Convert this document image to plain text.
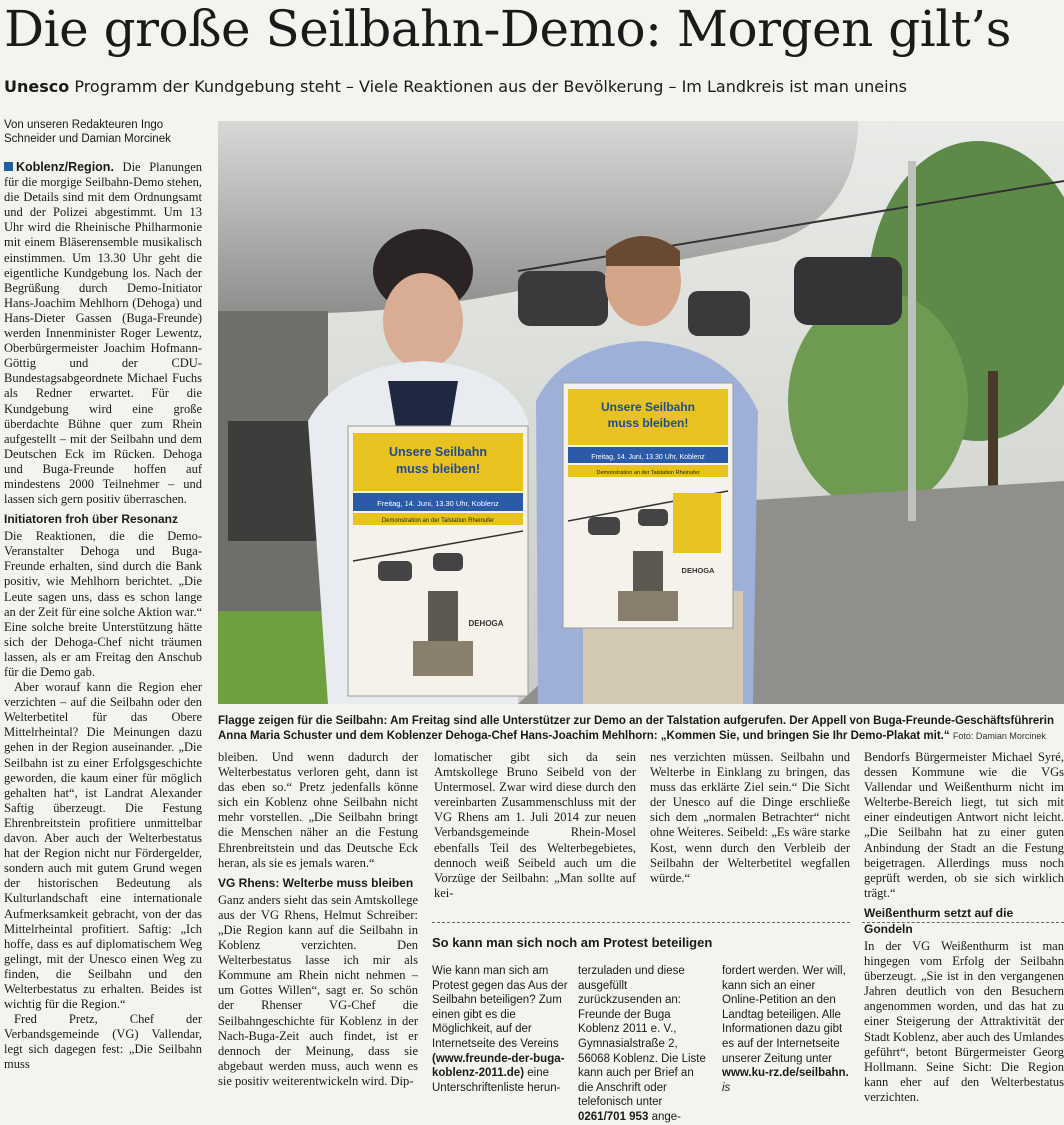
Die große Seilbahn-Demo: Morgen gilt’s
Unesco Programm der Kundgebung steht – Viele Reaktionen aus der Bevölkerung – Im Landkreis ist man uneins
Von unseren Redakteuren Ingo
Schneider und Damian Morcinek

Koblenz/Region. Die Planungen für die morgige Seilbahn-Demo stehen, die Details sind mit dem Ordnungsamt und der Polizei abgestimmt. Um 13 Uhr wird die Rheinische Philharmonie mit einem Bläserensemble musikalisch einstimmen. Um 13.30 Uhr geht die eigentliche Kundgebung los. Nach der Begrüßung durch Demo-Initiator Hans-Joachim Mehlhorn (Dehoga) und Hans-Dieter Gassen (Buga-Freunde) werden Innenminister Roger Lewentz, Oberbürgermeister Joachim Hofmann-Göttig und der CDU-Bundestagsabgeordnete Michael Fuchs als Redner erwartet. Für die Kundgebung wird eine große überdachte Bühne quer zum Rhein aufgestellt – mit der Seilbahn und dem Deutschen Eck im Rücken. Dehoga und Buga-Freunde hoffen auf mindestens 2000 Teilnehmer – und lassen sich gern positiv überraschen.

Initiatoren froh über Resonanz

Die Reaktionen, die die Demo-Veranstalter Dehoga und Buga-Freunde erhalten, sind durch die Bank positiv, wie Mehlhorn berichtet. „Die Leute sagen uns, dass es schon lange an der Zeit für eine solche Aktion war.“ Eine solche breite Unterstützung hätte sich der Dehoga-Chef nicht träumen lassen, als er am Freitag den Anschub für die Demo gab.

Aber worauf kann die Region eher verzichten – auf die Seilbahn oder den Welterbetitel für das Obere Mittelrheintal? Die Meinungen dazu gehen in der Region auseinander. „Die Seilbahn ist zu einer Erfolgsgeschichte geworden, die kaum einer für möglich gehalten hat“, ist Landrat Alexander Saftig überzeugt. Die Festung Ehrenbreitstein profitiere unmittelbar davon. Aber auch der Welterbestatus hat der Region nicht nur Fördergelder, sondern auch mit gutem Grund wegen der historischen Bedeutung als Kulturlandschaft eine internationale Aufmerksamkeit gebracht, von der das Mittelrheintal profitiert. Saftig: „Ich hoffe, dass es auf diplomatischem Weg gelingt, mit der Unesco einen Weg zu finden, die Seilbahn und den Welterbestatus zu erhalten. Beides ist wichtig für die Region.“

Fred Pretz, Chef der Verbandsgemeinde (VG) Vallendar, legt sich dagegen fest: „Die Seilbahn muss

Unsere Seilbahn
muss bleiben!
Freitag, 14. Juni, 13.30 Uhr, Koblenz
Demonstration an der Talstation Rheinufer
DEHOGA
Unsere Seilbahn
muss bleiben!
Freitag, 14. Juni, 13.30 Uhr, Koblenz
Demonstration an der Talstation Rheinufer
DEHOGA
Flagge zeigen für die Seilbahn: Am Freitag sind alle Unterstützer zur Demo an der Talstation aufgerufen. Der Appell von Buga-Freunde-Geschäftsführerin Anna Maria Schuster und dem Koblenzer Dehoga-Chef Hans-Joachim Mehlhorn: „Kommen Sie, und bringen Sie Ihr Demo-Plakat mit.“ Foto: Damian Morcinek

bleiben. Und wenn dadurch der Welterbestatus verloren geht, dann ist das eben so.“ Pretz jedenfalls könne sich ein Koblenz ohne Seilbahn nicht mehr vorstellen. „Die Seilbahn bringt die Menschen näher an die Festung Ehrenbreitstein und das Deutsche Eck heran, als sie es jemals waren.“

VG Rhens: Welterbe muss bleiben

Ganz anders sieht das sein Amtskollege aus der VG Rhens, Helmut Schreiber: „Die Region kann auf die Seilbahn in Koblenz verzichten. Den Welterbestatus lasse ich mir als Kommune am Rhein nicht nehmen – um Gottes Willen“, sagt er. So schön der Rhenser VG-Chef die Seilbahngeschichte für Koblenz in der Nach-Buga-Zeit auch findet, ist er dennoch der Meinung, dass sie abgebaut werden muss, auch wenn es sie positiv weiterentwickeln wird. Dip-

lomatischer gibt sich da sein Amtskollege Bruno Seibeld von der Untermosel. Zwar wird diese durch den vereinbarten Zusammenschluss mit der VG Rhens am 1. Juli 2014 zur neuen Verbandsgemeinde Rhein-Mosel ebenfalls Teil des Welterbegebietes, dennoch weiß Seibeld auch um die Vorzüge der Seilbahn: „Man sollte auf kei-

nes verzichten müssen. Seilbahn und Welterbe in Einklang zu bringen, das muss das erklärte Ziel sein.“ Die Sicht der Unesco auf die Dinge erschließe sich dem „normalen Betrachter“ nicht ohne Weiteres. Seibeld: „Es wäre starke Kost, wenn durch den Verbleib der Seilbahn der Welterbetitel wegfallen würde.“

Bendorfs Bürgermeister Michael Syré, dessen Kommune wie die VGs Vallendar und Weißenthurm nicht im Welterbe-Bereich liegt, tut sich mit einer eindeutigen Antwort nicht leicht. „Die Seilbahn hat zu einer guten Anbindung der Stadt an die Festung beigetragen. Allerdings muss noch geprüft werden, ob sie sich wirklich trägt.“

Weißenthurm setzt auf die Gondeln

In der VG Weißenthurm ist man hingegen vom Erfolg der Seilbahn überzeugt. „Sie ist in den vergangenen Jahren deutlich von den Besuchern angenommen worden, und das hat zu einer Steigerung der Attraktivität der Stadt Koblenz, aber auch des Umlandes geführt“, betont Bürgermeister Georg Hollmann. Seine Sicht: Die Region kann eher auf den Welterbestatus verzichten.

So kann man sich noch am Protest beteiligen
Wie kann man sich am Protest gegen das Aus der Seilbahn beteiligen? Zum einen gibt es die Möglichkeit, auf der Internetseite des Vereins (www.freunde-der-buga-koblenz-2011.de) eine Unterschriftenliste herun-
terzuladen und diese ausgefüllt zurückzusenden an: Freunde der Buga Koblenz 2011 e. V., Gymnasialstraße 2, 56068 Koblenz. Die Liste kann auch per Brief an die Anschrift oder telefonisch unter 0261/701 953 ange-
fordert werden. Wer will, kann sich an einer Online-Petition an den Landtag beteiligen. Alle Informationen dazu gibt es auf der Internetseite unserer Zeitung unter www.ku-rz.de/seilbahn. is
